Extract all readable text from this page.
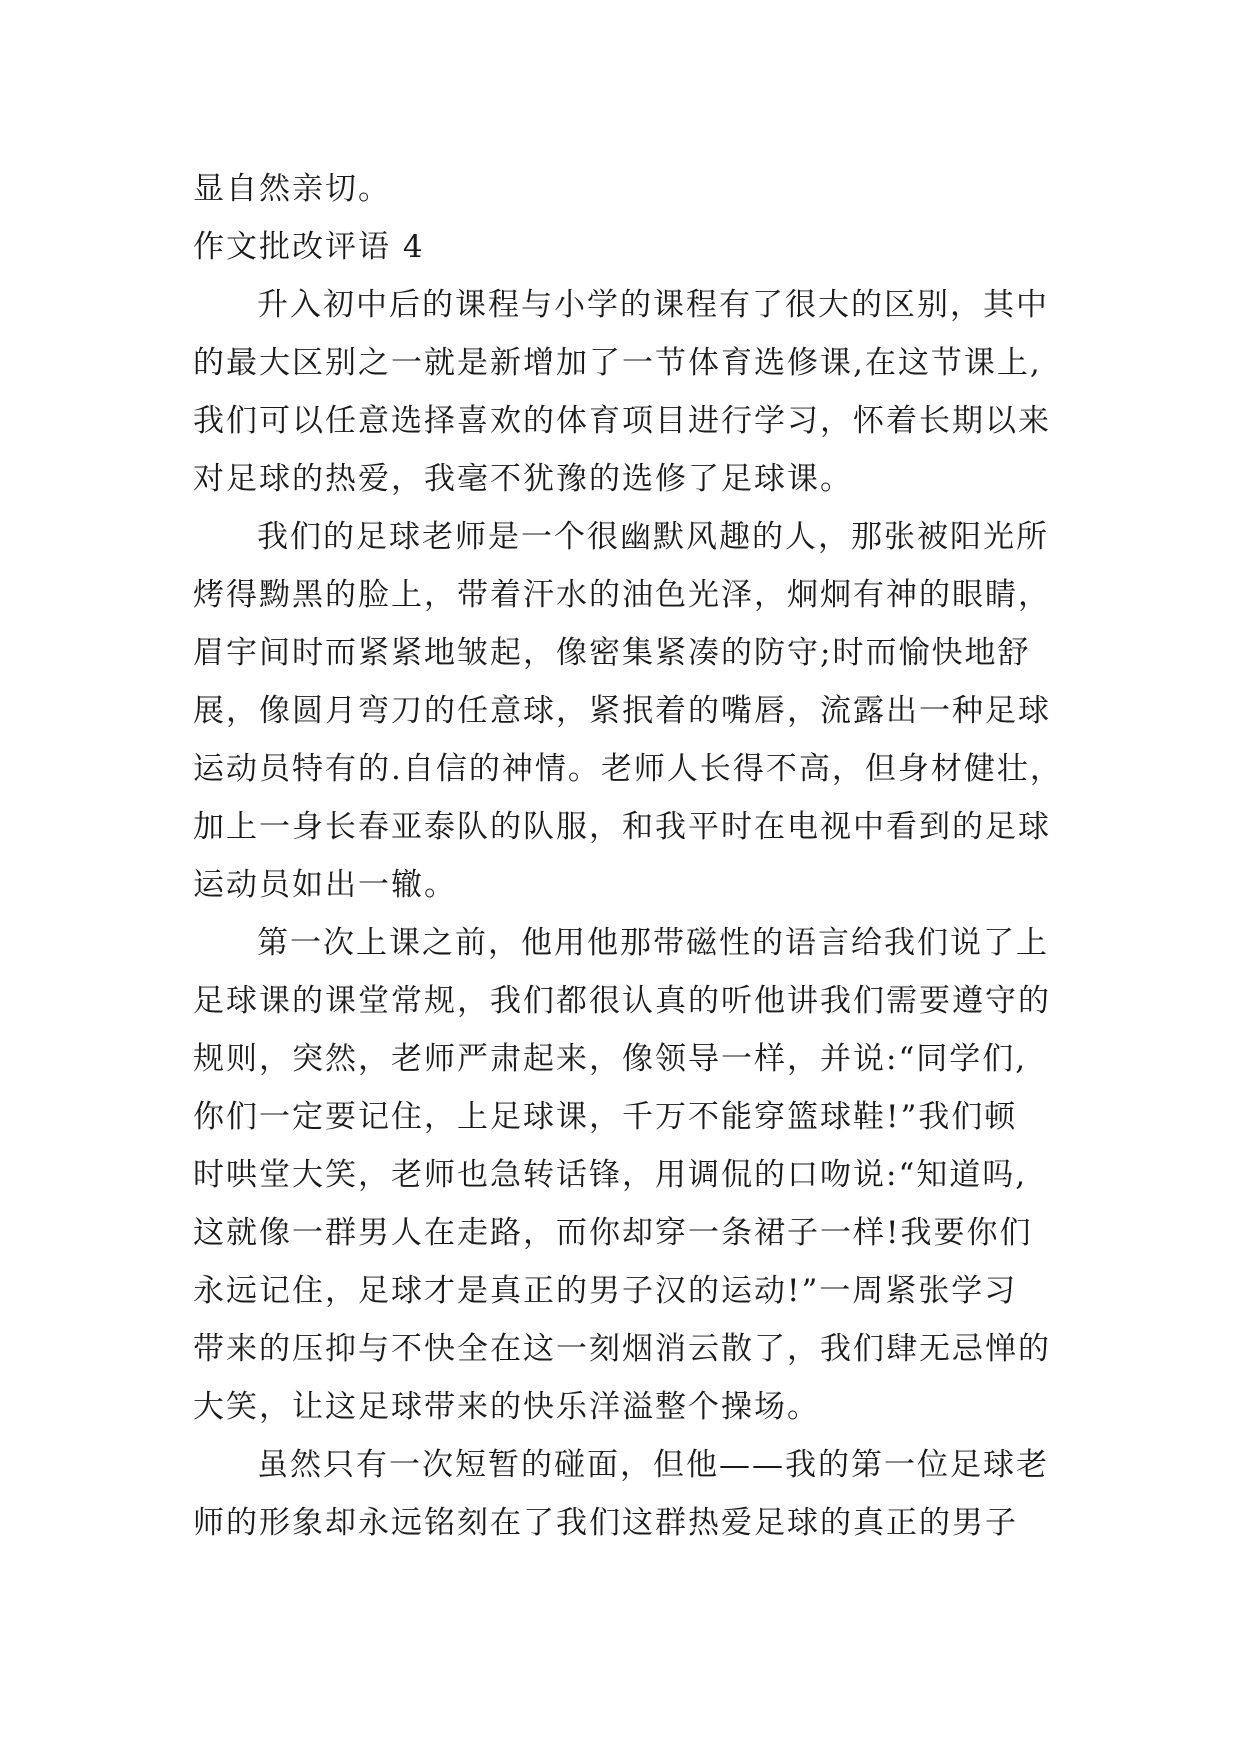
显自然亲切。
作文批改评语 4
升入初中后的课程与小学的课程有了很大的区别，其中
的最大区别之一就是新增加了一节体育选修课,在这节课上,
我们可以任意选择喜欢的体育项目进行学习，怀着长期以来
对足球的热爱，我毫不犹豫的选修了足球课。
我们的足球老师是一个很幽默风趣的人，那张被阳光所
烤得黝黑的脸上，带着汗水的油色光泽，炯炯有神的眼睛，
眉宇间时而紧紧地皱起，像密集紧凑的防守;时而愉快地舒
展，像圆月弯刀的任意球，紧抿着的嘴唇，流露出一种足球
运动员特有的.自信的神情。老师人长得不高，但身材健壮，
加上一身长春亚泰队的队服，和我平时在电视中看到的足球
运动员如出一辙。
第一次上课之前，他用他那带磁性的语言给我们说了上
足球课的课堂常规，我们都很认真的听他讲我们需要遵守的
规则，突然，老师严肃起来，像领导一样，并说:“同学们,
你们一定要记住，上足球课，千万不能穿篮球鞋!”我们顿
时哄堂大笑，老师也急转话锋，用调侃的口吻说:“知道吗,
这就像一群男人在走路，而你却穿一条裙子一样!我要你们
永远记住，足球才是真正的男子汉的运动!”一周紧张学习
带来的压抑与不快全在这一刻烟消云散了，我们肆无忌惮的
大笑，让这足球带来的快乐洋溢整个操场。
虽然只有一次短暂的碰面，但他——我的第一位足球老
师的形象却永远铭刻在了我们这群热爱足球的真正的男子
